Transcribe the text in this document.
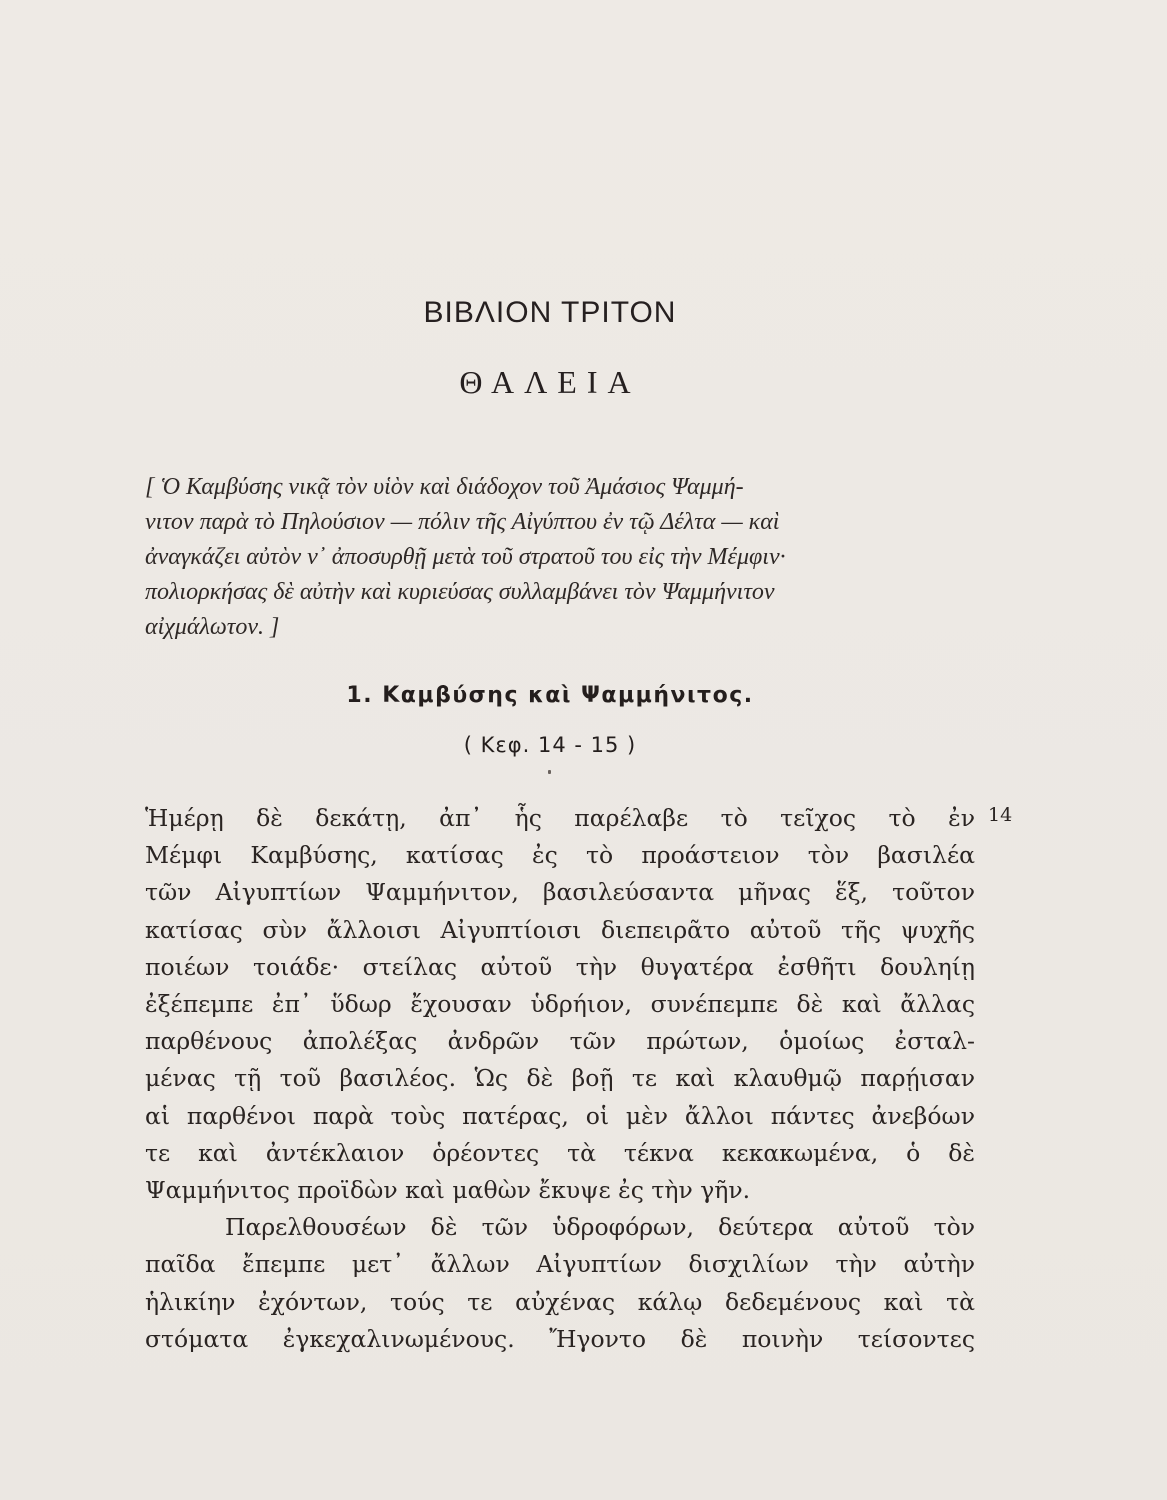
ΒΙΒΛΙΟΝ ΤΡΙΤΟΝ
ΘΑΛΕΙΑ
[ Ὁ Καμβύσης νικᾷ τὸν υἱὸν καὶ διάδοχον τοῦ Ἀμάσιος Ψαμμή-
νιτον παρὰ τὸ Πηλούσιον — πόλιν τῆς Αἰγύπτου ἐν τῷ Δέλτα — καὶ
ἀναγκάζει αὐτὸν ν᾿ ἀποσυρθῇ μετὰ τοῦ στρατοῦ του εἰς τὴν Μέμφιν·
πολιορκήσας δὲ αὐτὴν καὶ κυριεύσας συλλαμβάνει τὸν Ψαμμήνιτον
αἰχμάλωτον. ]
1. Καμβύσης καὶ Ψαμμήνιτος.
( Κεφ. 14 - 15 )
14
Ἡμέρῃ δὲ δεκάτῃ, ἀπ᾿ ἧς παρέλαβε τὸ τεῖχος τὸ ἐν
Μέμφι Καμβύσης, κατίσας ἐς τὸ προάστειον τὸν βασιλέα
τῶν Αἰγυπτίων Ψαμμήνιτον, βασιλεύσαντα μῆνας ἕξ, τοῦτον
κατίσας σὺν ἄλλοισι Αἰγυπτίοισι διεπειρᾶτο αὐτοῦ τῆς ψυχῆς
ποιέων τοιάδε· στείλας αὐτοῦ τὴν θυγατέρα ἐσθῆτι δουληίῃ
ἐξέπεμπε ἐπ᾿ ὕδωρ ἔχουσαν ὑδρήιον, συνέπεμπε δὲ καὶ ἄλλας
παρθένους ἀπολέξας ἀνδρῶν τῶν πρώτων, ὁμοίως ἐσταλ-
μένας τῇ τοῦ βασιλέος. Ὡς δὲ βοῇ τε καὶ κλαυθμῷ παρῄισαν
αἱ παρθένοι παρὰ τοὺς πατέρας, οἱ μὲν ἄλλοι πάντες ἀνεβόων
τε καὶ ἀντέκλαιον ὁρέοντες τὰ τέκνα κεκακωμένα, ὁ δὲ
Ψαμμήνιτος προϊδὼν καὶ μαθὼν ἔκυψε ἐς τὴν γῆν.
Παρελθουσέων δὲ τῶν ὑδροφόρων, δεύτερα αὐτοῦ τὸν
παῖδα ἔπεμπε μετ᾿ ἄλλων Αἰγυπτίων δισχιλίων τὴν αὐτὴν
ἡλικίην ἐχόντων, τούς τε αὐχένας κάλῳ δεδεμένους καὶ τὰ
στόματα ἐγκεχαλινωμένους. Ἤγοντο δὲ ποινὴν τείσοντες
